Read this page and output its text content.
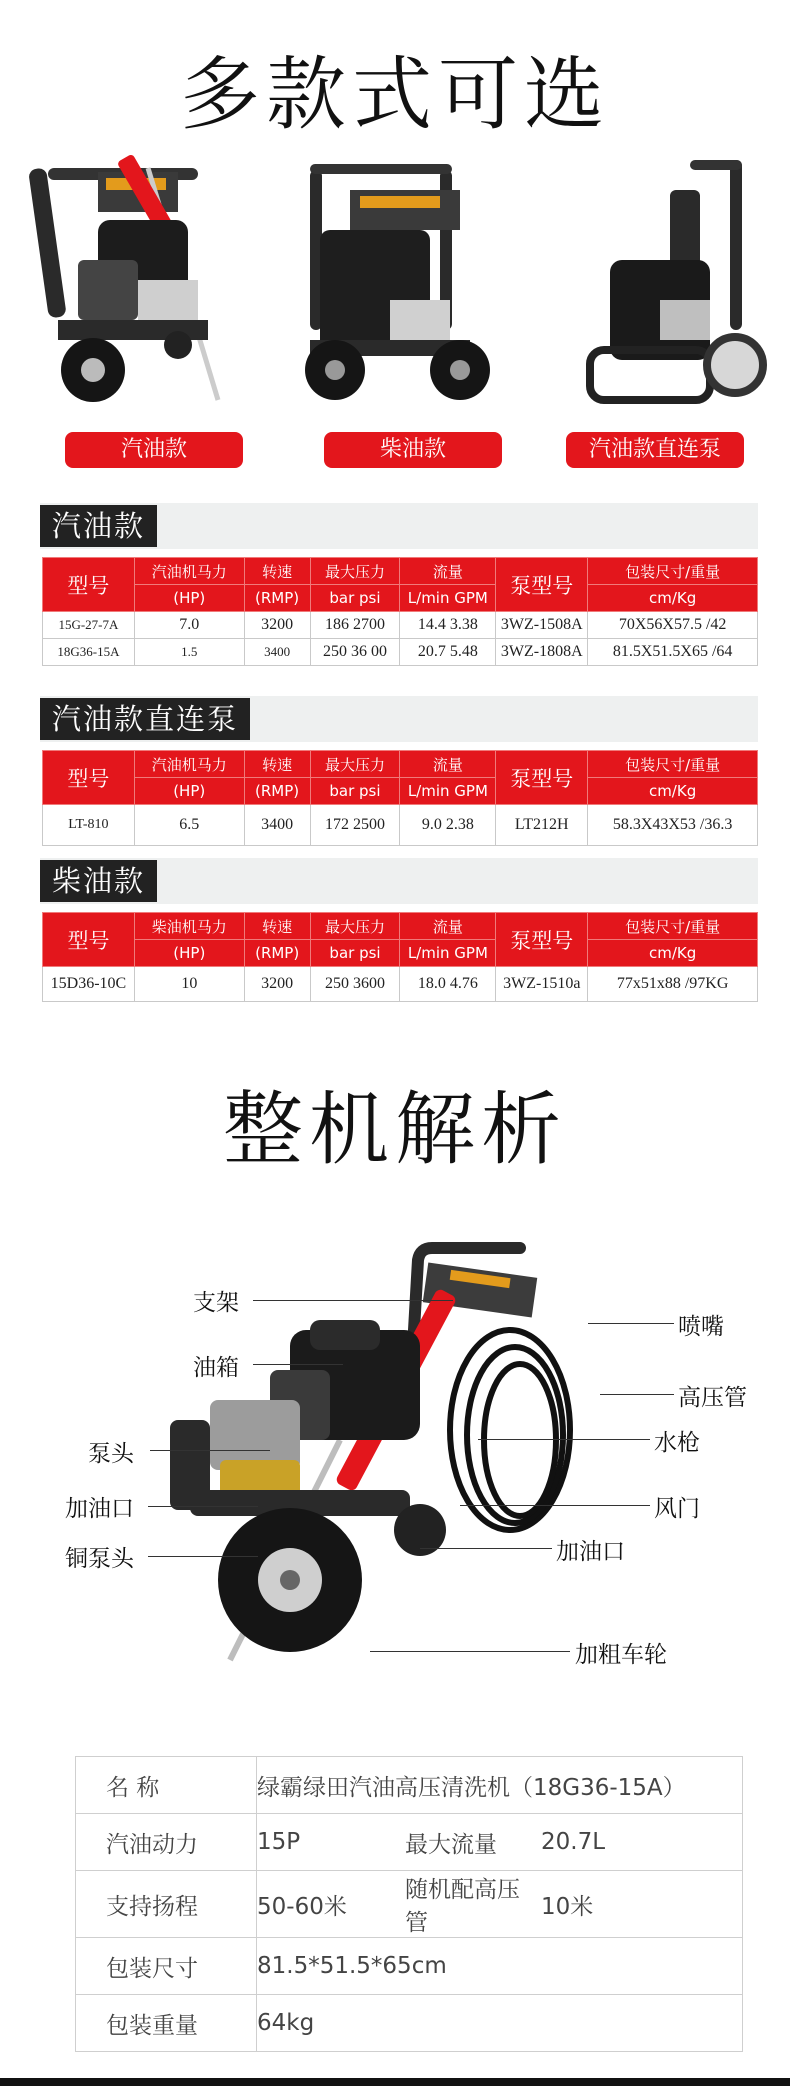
多款式可选
汽油款	柴油款	汽油款直连泵
汽油款
型号	汽油机马力	转速	最大压力	流量	泵型号	包装尺寸/重量
	(HP)	(RMP)	bar psi	L/min GPM		cm/Kg
15G-27-7A	7.0	3200	186 2700	14.4 3.38	3WZ-1508A	70X56X57.5 /42
18G36-15A	1.5	3400	250 36 00	20.7 5.48	3WZ-1808A	81.5X51.5X65 /64
汽油款直连泵
型号	汽油机马力	转速	最大压力	流量	泵型号	包装尺寸/重量
	(HP)	(RMP)	bar psi	L/min GPM		cm/Kg
LT-810	6.5	3400	172 2500	9.0 2.38	LT212H	58.3X43X53 /36.3
柴油款
型号	柴油机马力	转速	最大压力	流量	泵型号	包装尺寸/重量
	(HP)	(RMP)	bar psi	L/min GPM		cm/Kg
15D36-10C	10	3200	250 3600	18.0 4.76	3WZ-1510a	77x51x88 /97KG
整机解析
支架
油箱
泵头
加油口
铜泵头
喷嘴
高压管
水枪
风门
加油口
加粗车轮
名 称	绿霸绿田汽油高压清洗机（18G36-15A）		
汽油动力	15P	最大流量	20.7L
支持扬程	50-60米	随机配高压管	10米
包装尺寸	81.5*51.5*65cm		
包装重量	64kg		
